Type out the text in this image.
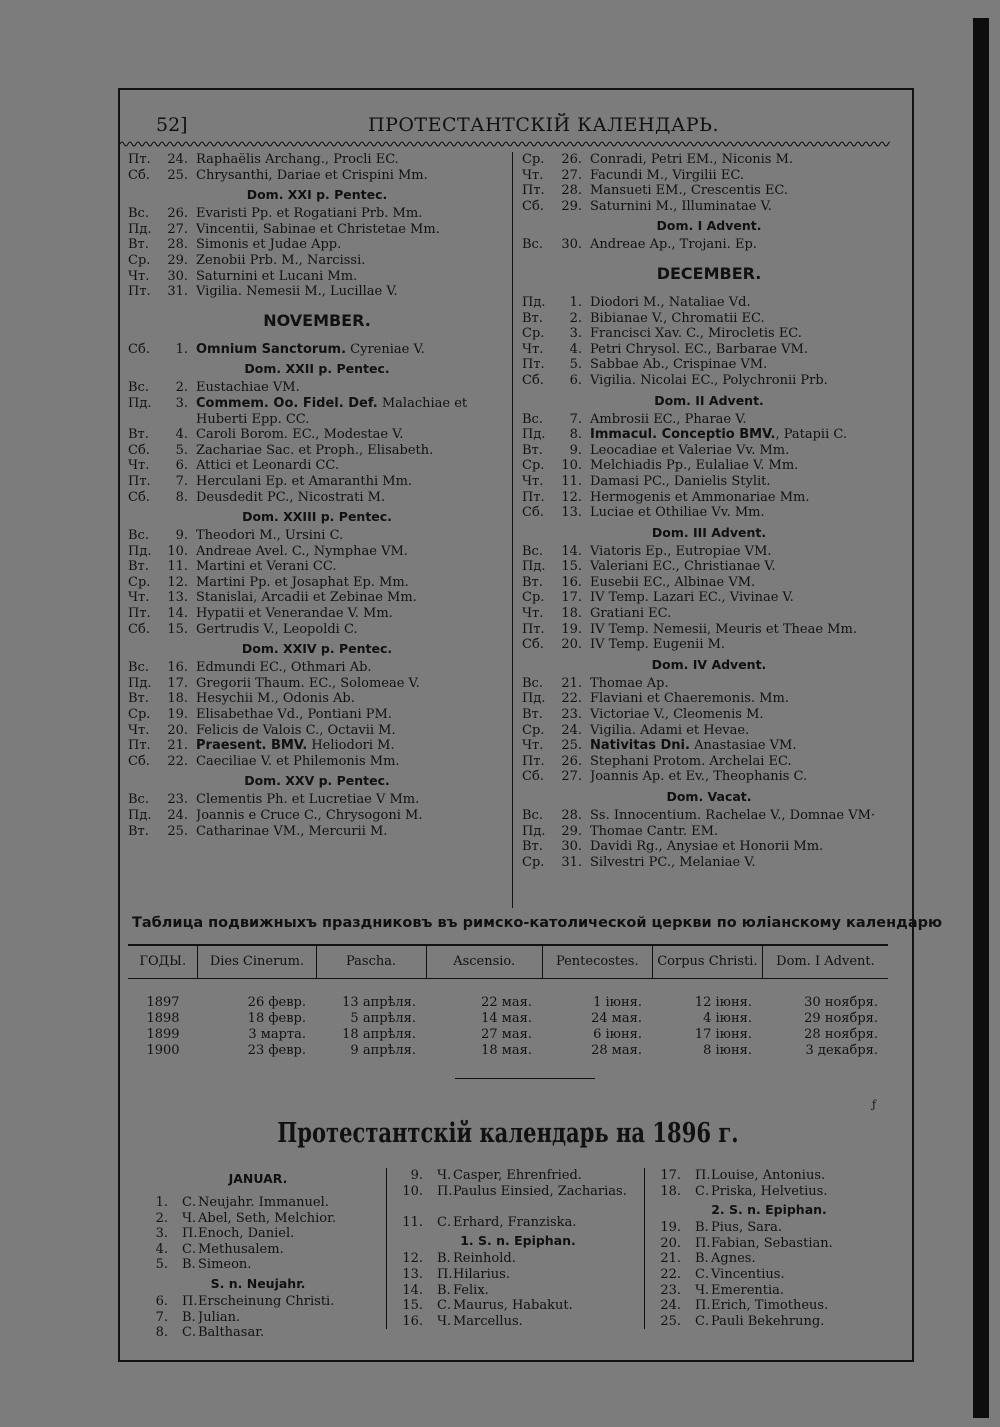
52]	ПРОТЕСТАНТСКІЙ КАЛЕНДАРЬ.
Пт.	24. Raphaëlis Archang., Procli EC.
Сб.	25. Chrysanthi, Dariae et Crispini Mm.
Dom. XXI p. Pentec.
Вс.	26. Evaristi Pp. et Rogatiani Prb. Mm.
Пд.	27. Vincentii, Sabinae et Christetae Mm.
Вт.	28. Simonis et Judae App.
Ср.	29. Zenobii Prb. M., Narcissi.
Чт.	30. Saturnini et Lucani Mm.
Пт.	31. Vigilia. Nemesii M., Lucillae V.
NOVEMBER.
Сб.	1. Omnium Sanctorum. Cyreniae V.
Dom. XXII p. Pentec.
Вс.	2. Eustachiae VM.
Пд.	3. Commem. Oo. Fidel. Def. Malachiae et Huberti Epp. CC.
Вт.	4. Caroli Borom. EC., Modestae V.
Сб.	5. Zachariae Sac. et Proph., Elisabeth.
Чт.	6. Attici et Leonardi CC.
Пт.	7. Herculani Ep. et Amaranthi Mm.
Сб.	8. Deusdedit PC., Nicostrati M.
Dom. XXIII p. Pentec.
Вс.	9. Theodori M., Ursini C.
Пд.	10. Andreae Avel. C., Nymphae VM.
Вт.	11. Martini et Verani CC.
Ср.	12. Martini Pp. et Josaphat Ep. Mm.
Чт.	13. Stanislai, Arcadii et Zebinae Mm.
Пт.	14. Hypatii et Venerandae V. Mm.
Сб.	15. Gertrudis V., Leopoldi C.
Dom. XXIV p. Pentec.
Вс.	16. Edmundi EC., Othmari Ab.
Пд.	17. Gregorii Thaum. EC., Solomeae V.
Вт.	18. Hesychii M., Odonis Ab.
Ср.	19. Elisabethae Vd., Pontiani PM.
Чт.	20. Felicis de Valois C., Octavii M.
Пт.	21. Praesent. BMV. Heliodori M.
Сб.	22. Caeciliae V. et Philemonis Mm.
Dom. XXV p. Pentec.
Вс.	23. Clementis Ph. et Lucretiae V Mm.
Пд.	24. Joannis e Cruce C., Chrysogoni M.
Вт.	25. Catharinae VM., Mercurii M.
Ср.	26. Conradi, Petri EM., Niconis M.
Чт.	27. Facundi M., Virgilii EC.
Пт.	28. Mansueti EM., Crescentis EC.
Сб.	29. Saturnini M., Illuminatae V.
Dom. I Advent.
Вс.	30. Andreae Ap., Trojani. Ep.
DECEMBER.
Пд.	1. Diodori M., Nataliae Vd.
Вт.	2. Bibianae V., Chromatii EC.
Ср.	3. Francisci Xav. C., Mirocletis EC.
Чт.	4. Petri Chrysol. EC., Barbarae VM.
Пт.	5. Sabbae Ab., Crispinae VM.
Сб.	6. Vigilia. Nicolai EC., Polychronii Prb.
Dom. II Advent.
Вс.	7. Ambrosii EC., Pharae V.
Пд.	8. Immacul. Conceptio BMV., Patapii C.
Вт.	9. Leocadiae et Valeriae Vv. Mm.
Ср.	10. Melchiadis Pp., Eulaliae V. Mm.
Чт.	11. Damasi PC., Danielis Stylit.
Пт.	12. Hermogenis et Ammonariae Mm.
Сб.	13. Luciae et Othiliae Vv. Mm.
Dom. III Advent.
Вс.	14. Viatoris Ep., Eutropiae VM.
Пд.	15. Valeriani EC., Christianae V.
Вт.	16. Eusebii EC., Albinae VM.
Ср.	17. IV Temp. Lazari EC., Vivinae V.
Чт.	18. Gratiani EC.
Пт.	19. IV Temp. Nemesii, Meuris et Theae Mm.
Сб.	20. IV Temp. Eugenii M.
Dom. IV Advent.
Вс.	21. Thomae Ap.
Пд.	22. Flaviani et Chaeremonis. Mm.
Вт.	23. Victoriae V., Cleomenis M.
Ср.	24. Vigilia. Adami et Hevae.
Чт.	25. Nativitas Dni. Anastasiae VM.
Пт.	26. Stephani Protom. Archelai EC.
Сб.	27. Joannis Ap. et Ev., Theophanis C.
Dom. Vacat.
Вс.	28. Ss. Innocentium. Rachelae V., Domnae VM·
Пд.	29. Thomae Cantr. EM.
Вт.	30. Davidi Rg., Anysiae et Honorii Mm.
Ср.	31. Silvestri PC., Melaniae V.
Таблица подвижныхъ праздниковъ въ римско-католической церкви по юліанскому календарю
ГОДЫ.	Dies Cinerum.	Pascha.	Ascensio.	Pentecostes.	Corpus Christi.	Dom. I Advent.
1897	26 февр.	13 апрѣля.	22 мая.	1 іюня.	12 іюня.	30 ноября.
1898	18 февр.	5 апрѣля.	14 мая.	24 мая.	4 іюня.	29 ноября.
1899	3 марта.	18 апрѣля.	27 мая.	6 іюня.	17 іюня.	28 ноября.
1900	23 февр.	9 апрѣля.	18 мая.	28 мая.	8 іюня.	3 декабря.
ƒ
Протестантскій календарь на 1896 г.
JANUAR.
1. С. Neujahr. Immanuel.
2. Ч. Abel, Seth, Melchior.
3. П. Enoch, Daniel.
4. С. Methusalem.
5. В. Simeon.
S. n. Neujahr.
6. П. Erscheinung Christi.
7. В. Julian.
8. С. Balthasar.
9. Ч. Casper, Ehrenfried.
10. П. Paulus Einsied, Zacharias.
11. С. Erhard, Franziska.
1. S. n. Epiphan.
12. В. Reinhold.
13. П. Hilarius.
14. В. Felix.
15. С. Maurus, Habakut.
16. Ч. Marcellus.
17. П. Louise, Antonius.
18. С. Priska, Helvetius.
2. S. n. Epiphan.
19. В. Pius, Sara.
20. П. Fabian, Sebastian.
21. В. Agnes.
22. С. Vincentius.
23. Ч. Emerentia.
24. П. Erich, Timotheus.
25. С. Pauli Bekehrung.
